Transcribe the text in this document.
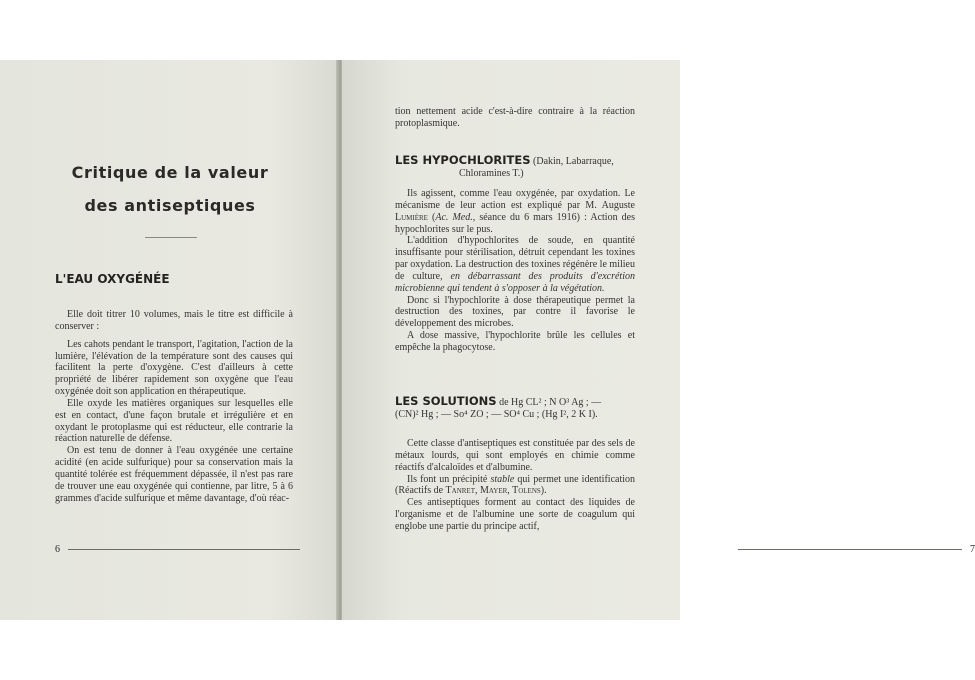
Critique de la valeur
des antiseptiques
L'EAU OXYGÉNÉE

Elle doit titrer 10 volumes, mais le titre est difficile à conserver :

Les cahots pendant le transport, l'agitation, l'action de la lumière, l'élévation de la température sont des causes qui facilitent la perte d'oxygène. C'est d'ailleurs à cette propriété de libérer rapidement son oxygène que l'eau oxygénée doit son application en thérapeutique.

Elle oxyde les matières organiques sur lesquelles elle est en contact, d'une façon brutale et irrégulière et en oxydant le protoplasme qui est réducteur, elle contrarie la réaction naturelle de défense.

On est tenu de donner à l'eau oxygénée une certaine acidité (en acide sulfurique) pour sa conservation mais la quantité tolérée est fréquemment dépassée, il n'est pas rare de trouver une eau oxygénée qui contienne, par litre, 5 à 6 grammes d'acide sulfurique et même davantage, d'où réac-

6

tion nettement acide c'est-à-dire contraire à la réaction protoplasmique.

LES HYPOCHLORITES (Dakin, Labarraque,
Chloramines T.)

Ils agissent, comme l'eau oxygénée, par oxydation. Le mécanisme de leur action est expliqué par M. Auguste Lumière (Ac. Med., séance du 6 mars 1916) : Action des hypochlorites sur le pus.

L'addition d'hypochlorites de soude, en quantité insuffisante pour stérilisation, détruit cependant les toxines par oxydation. La destruction des toxines régénère le milieu de culture, en débarrassant des produits d'excrétion microbienne qui tendent à s'opposer à la végétation.

Donc si l'hypochlorite à dose thérapeutique permet la destruction des toxines, par contre il favorise le développement des microbes.

A dose massive, l'hypochlorite brûle les cellules et empêche la phagocytose.

LES SOLUTIONS de Hg CL² ; N O³ Ag ; —
(CN)² Hg ; — So⁴ ZO ; — SO⁴ Cu ; (Hg I², 2 K I).

Cette classe d'antiseptiques est constituée par des sels de métaux lourds, qui sont employés en chimie comme réactifs d'alcaloïdes et d'albumine.

Ils font un précipité stable qui permet une identification (Réactifs de Tanret, Mayer, Tolens).

Ces antiseptiques forment au contact des liquides de l'organisme et de l'albumine une sorte de coagulum qui englobe une partie du principe actif,

7
